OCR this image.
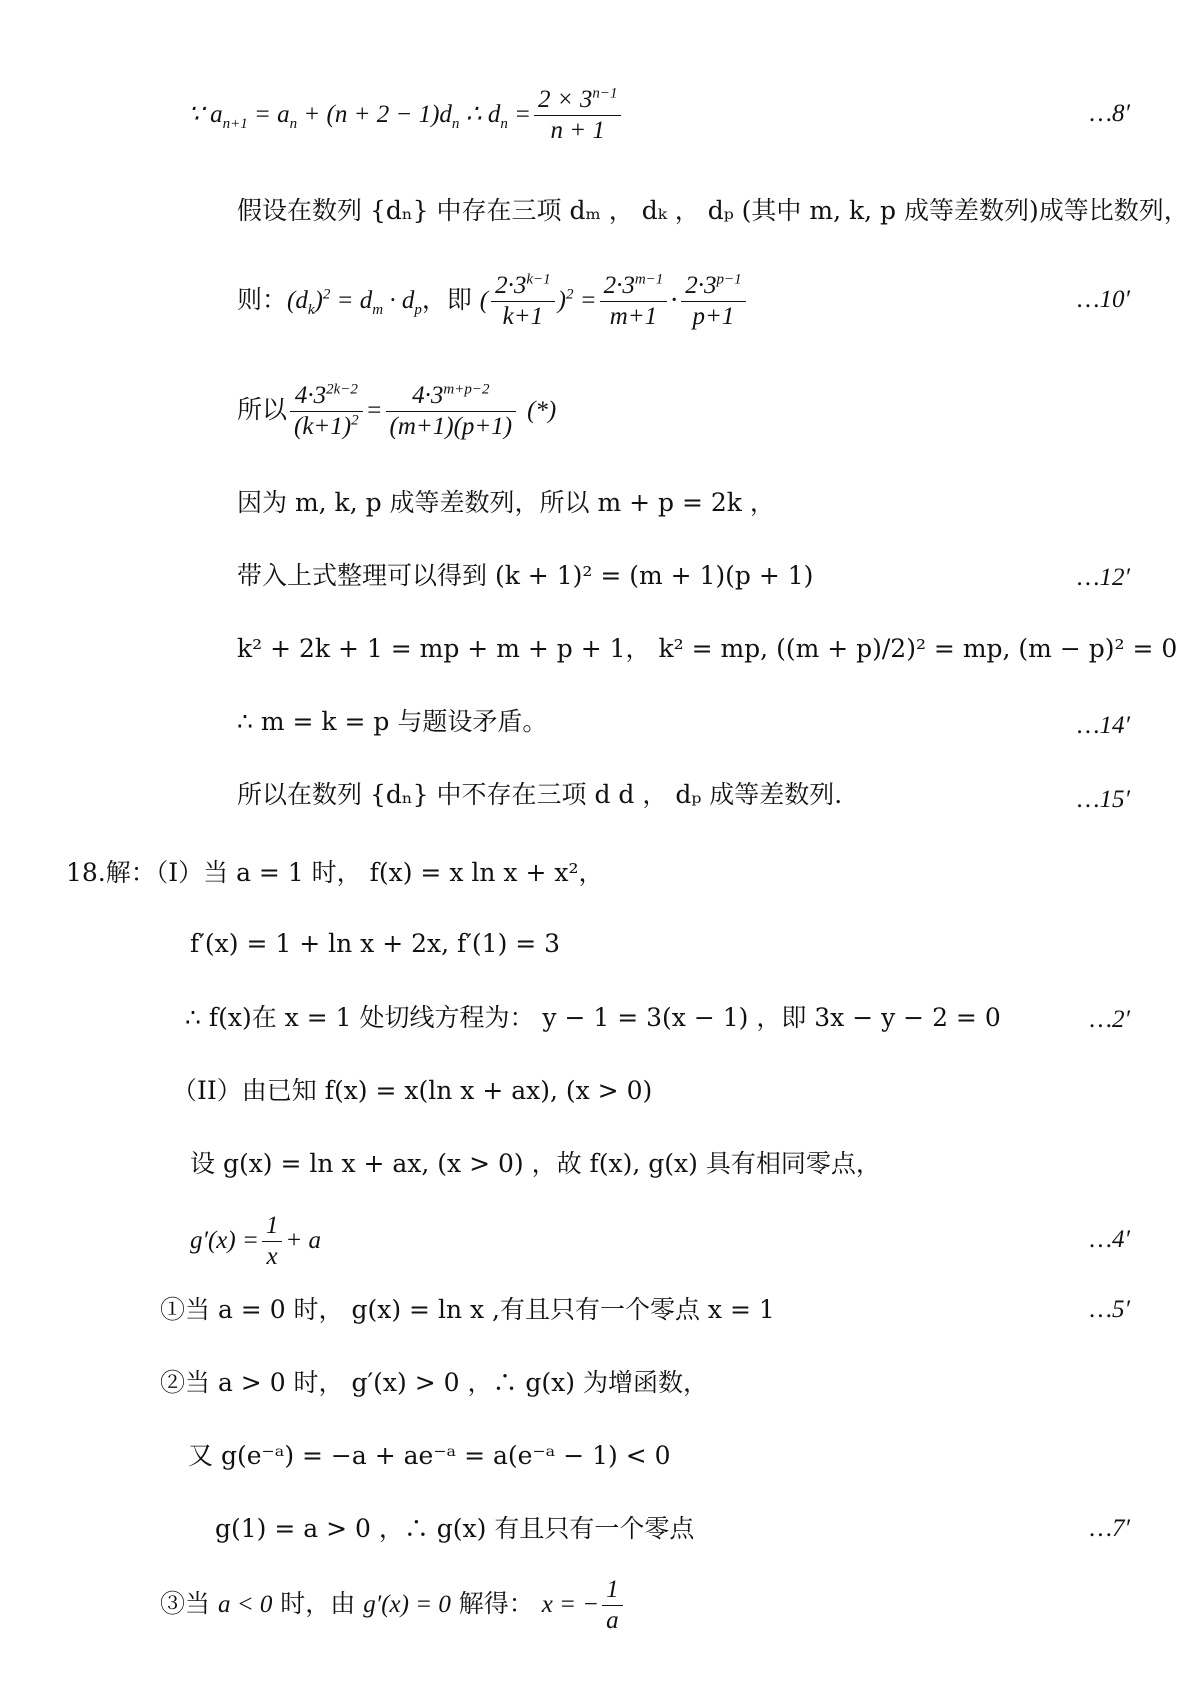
∵ $a_{n+1} = a_n + (n + 2 - 1)d_n$ ∴ $d_n = \frac{2 \times 3^{n-1}}{n + 1}$	…8′
假设在数列 {dₙ} 中存在三项 dₘ ， dₖ ， dₚ (其中 m, k, p 成等差数列)成等比数列，
则：$(d_k)^2 = d_m \cdot d_p$，即 ( $\frac{2\cdot 3^{k-1}}{k+1} )^2 = \frac{2\cdot 3^{m-1}}{m+1} \cdot \frac{2\cdot 3^{p-1}}{p+1}$	…10′
所以 $\frac{4\cdot 3^{2k-2}}{(k+1)^2} = \frac{4\cdot 3^{m+p-2}}{(m+1)(p+1)}$ (*)
因为 m, k, p 成等差数列，所以 m + p = 2k ，
带入上式整理可以得到 (k + 1)² = (m + 1)(p + 1)	…12′
k² + 2k + 1 = mp + m + p + 1， k² = mp, ((m + p)/2)² = mp, (m − p)² = 0
∴ m = k = p 与题设矛盾。	…14′
所以在数列 {dₙ} 中不存在三项 d d ， dₚ 成等差数列.	…15′
18.解：（I）当 a = 1 时， f(x) = x ln x + x²，
f′(x) = 1 + ln x + 2x, f′(1) = 3
∴ f(x)在 x = 1 处切线方程为： y − 1 = 3(x − 1) ，即 3x − y − 2 = 0	…2′
（II）由已知 f(x) = x(ln x + ax), (x > 0)
设 g(x) = ln x + ax, (x > 0) ，故 f(x), g(x) 具有相同零点，
$g'(x) = \frac{1}{x} + a$	…4′
①当 a = 0 时， g(x) = ln x ,有且只有一个零点 x = 1	…5′
②当 a > 0 时， g′(x) > 0 ，∴ g(x) 为增函数，
又 g(e⁻ᵃ) = −a + ae⁻ᵃ = a(e⁻ᵃ − 1) < 0
g(1) = a > 0 ，∴ g(x) 有且只有一个零点	…7′
③当 a < 0 时，由 g′(x) = 0 解得： x = − $\frac{1}{a}$
